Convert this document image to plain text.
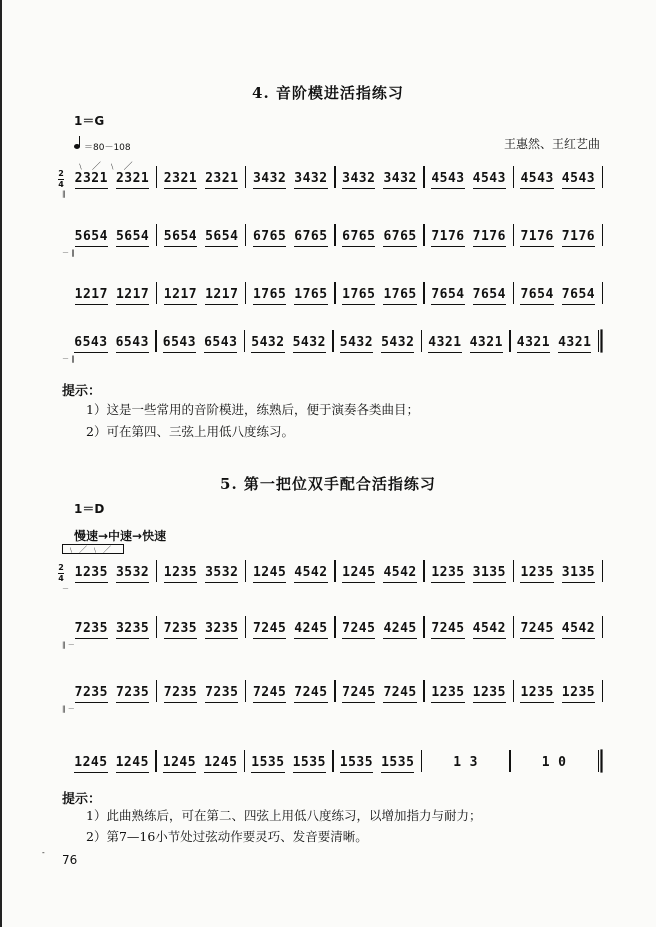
4. 音阶模进活指练习
1＝G
＝80－108	王惠然、王红艺曲
﹨ ／ ﹨ ／
2
4 2321 2321 2321 2321 3432 3432 3432 3432 4543 4543 4543 4543
‖
5654 5654 5654 5654 6765 6765 6765 6765 7176 7176 7176 7176
－ ‖
1217 1217 1217 1217 1765 1765 1765 1765 7654 7654 7654 7654
6543 6543 6543 6543 5432 5432 5432 5432 4321 4321 4321 4321
－ ‖
提示：
1）这是一些常用的音阶模进，练熟后，便于演奏各类曲目；
2）可在第四、三弦上用低八度练习。
5. 第一把位双手配合活指练习
1＝D
慢速→中速→快速
﹨／﹨／
2
4 1235 3532 1235 3532 1245 4542 1245 4542 1235 3135 1235 3135
－
7235 3235 7235 3235 7245 4245 7245 4245 7245 4542 7245 4542
‖ －
7235 7235 7235 7235 7245 7245 7245 7245 1235 1235 1235 1235
‖ －
1245 1245 1245 1245 1535 1535 1535 1535	1 3	1 0
提示：
1）此曲熟练后，可在第二、四弦上用低八度练习，以增加指力与耐力；
2）第7—16小节处过弦动作要灵巧、发音要清晰。
-
76
